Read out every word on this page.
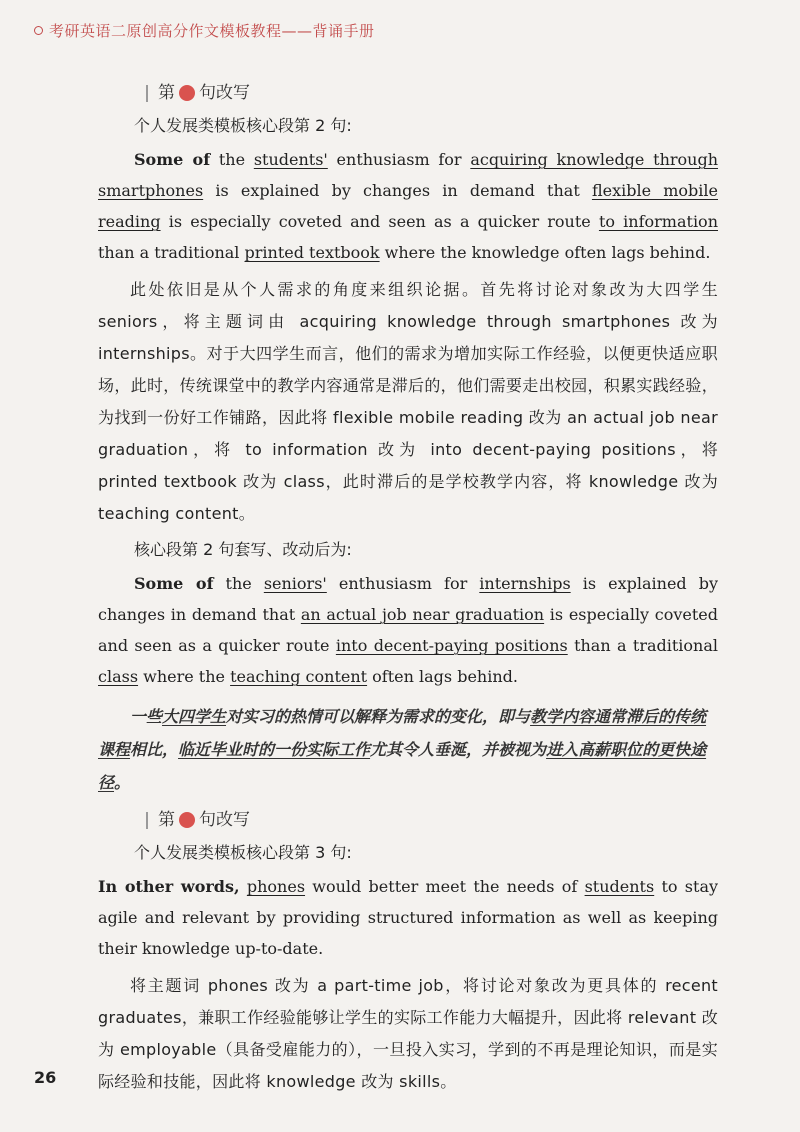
考研英语二原创高分作文模板教程——背诵手册
第 句改写
个人发展类模板核心段第 2 句:

Some of the students' enthusiasm for acquiring knowledge through smartphones is explained by changes in demand that flexible mobile reading is especially coveted and seen as a quicker route to information than a traditional printed textbook where the knowledge often lags behind.

此处依旧是从个人需求的角度来组织论据。首先将讨论对象改为大四学生 seniors，将主题词由 acquiring knowledge through smartphones 改为 internships。对于大四学生而言，他们的需求为增加实际工作经验，以便更快适应职场，此时，传统课堂中的教学内容通常是滞后的，他们需要走出校园，积累实践经验，为找到一份好工作铺路，因此将 flexible mobile reading 改为 an actual job near graduation，将 to information 改为 into decent-paying positions，将 printed textbook 改为 class，此时滞后的是学校教学内容，将 knowledge 改为 teaching content。

核心段第 2 句套写、改动后为:

Some of the seniors' enthusiasm for internships is explained by changes in demand that an actual job near graduation is especially coveted and seen as a quicker route into decent-paying positions than a traditional class where the teaching content often lags behind.

一些大四学生对实习的热情可以解释为需求的变化，即与教学内容通常滞后的传统课程相比，临近毕业时的一份实际工作尤其令人垂涎，并被视为进入高薪职位的更快途径。

第 句改写
个人发展类模板核心段第 3 句:

In other words, phones would better meet the needs of students to stay agile and relevant by providing structured information as well as keeping their knowledge up-to-date.

将主题词 phones 改为 a part-time job，将讨论对象改为更具体的 recent graduates，兼职工作经验能够让学生的实际工作能力大幅提升，因此将 relevant 改为 employable（具备受雇能力的），一旦投入实习，学到的不再是理论知识，而是实际经验和技能，因此将 knowledge 改为 skills。

26
